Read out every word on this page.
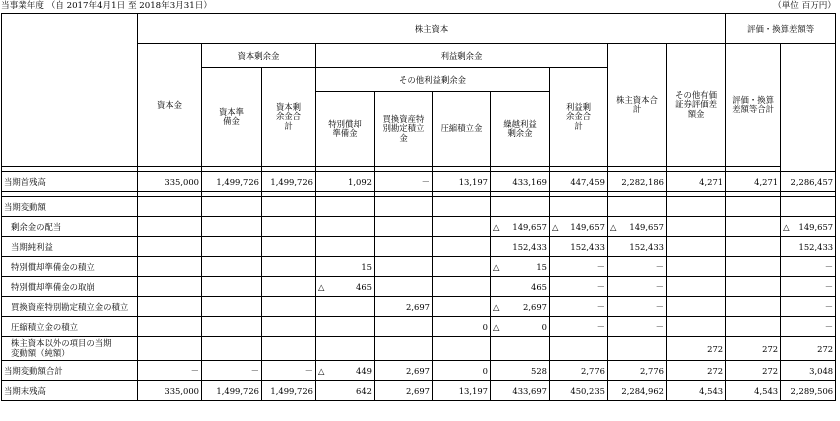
当事業年度 （自 2017年4月1日 至 2018年3月31日）	（単位 百万円）
	株主資本										評価・換算差額等	
	資本金	資本剰余金		利益剰余金					株主資本合計	その他有価証券評価差額金	評価・換算差額等合計		
		資本準備金	資本剰余金合計	その他利益剰余金				利益剰余金合計					
				特別償却準備金	買換資産特別勘定積立金	圧縮積立金	繰越利益剰余金						

当期首残高	335,000	1,499,726	1,499,726	1,092	－	13,197	433,169	447,459	2,282,186	4,271	4,271	2,286,457	

当期変動額													
剰余金の配当							△ 149,657	△ 149,657	△ 149,657			△ 149,657	
当期純利益							152,433	152,433	152,433			152,433	
特別償却準備金の積立				15			△ 15	－	－			－	
特別償却準備金の取崩				△ 465			465	－	－			－	
買換資産特別勘定積立金の積立					2,697		△ 2,697	－	－			－	
圧縮積立金の積立						0	△ 0	－	－			－	
株主資本以外の項目の当期変動額（純額）										272	272	272	
当期変動額合計	－	－	－	△ 449	2,697	0	528	2,776	2,776	272	272	3,048	
当期末残高	335,000	1,499,726	1,499,726	642	2,697	13,197	433,697	450,235	2,284,962	4,543	4,543	2,289,506	
